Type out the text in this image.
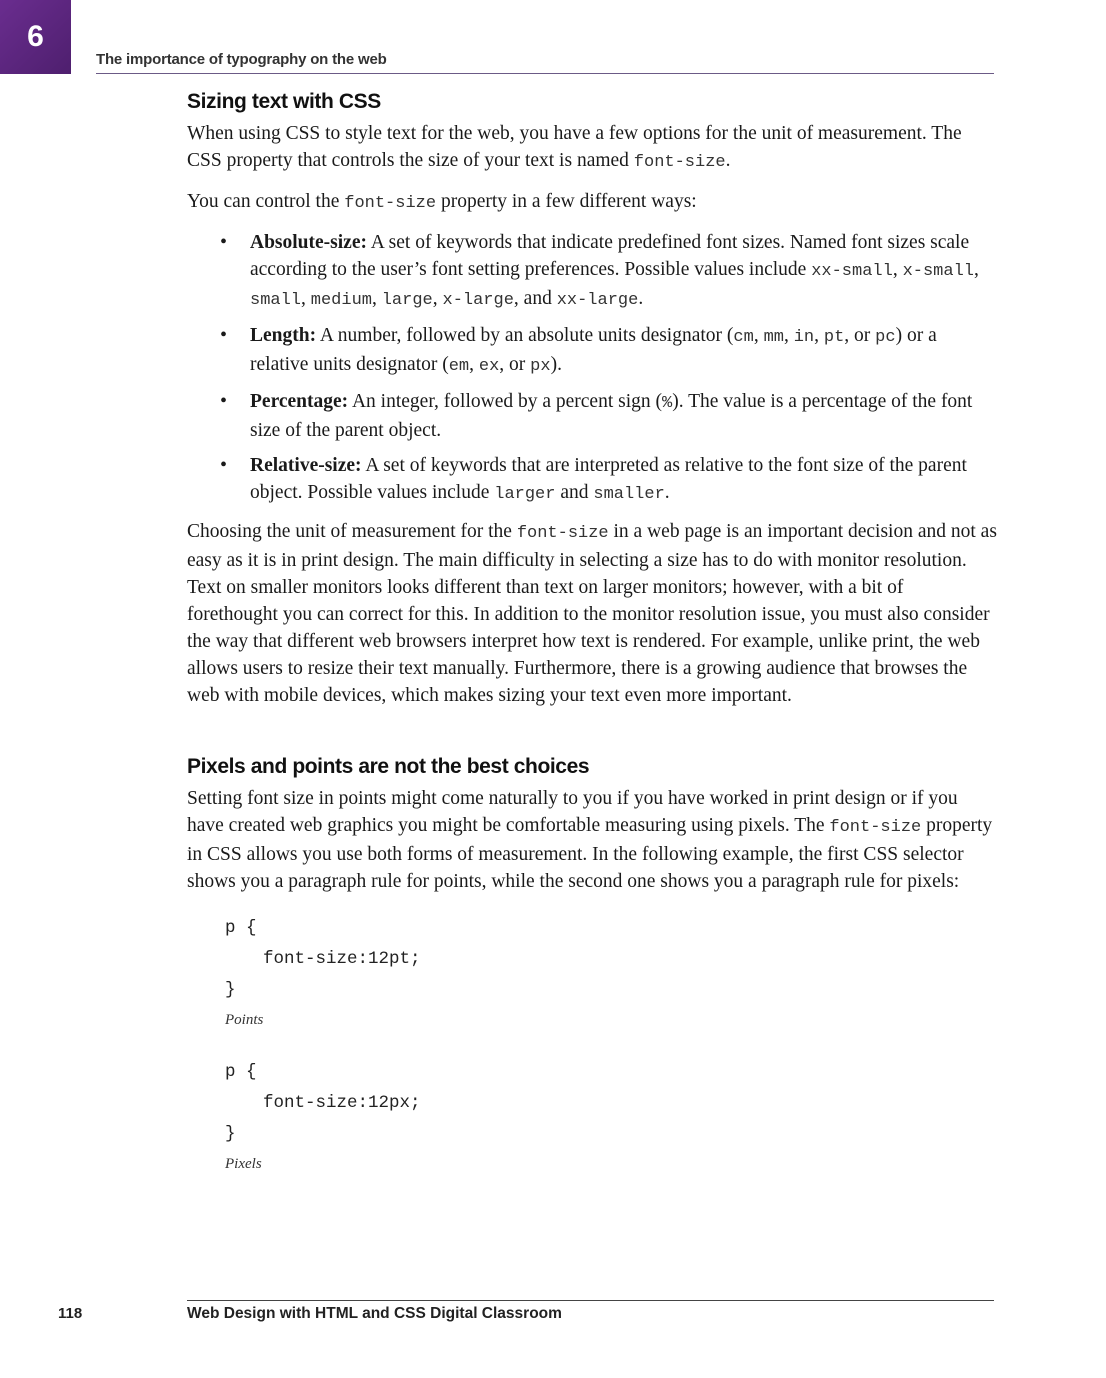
6
The importance of typography on the web
Sizing text with CSS

When using CSS to style text for the web, you have a few options for the unit of measurement. The CSS property that controls the size of your text is named font-size.

You can control the font-size property in a few different ways:

• Absolute-size: A set of keywords that indicate predefined font sizes. Named font sizes scale according to the user’s font setting preferences. Possible values include xx-small, x-small, small, medium, large, x-large, and xx-large.
• Length: A number, followed by an absolute units designator (cm, mm, in, pt, or pc) or a relative units designator (em, ex, or px).
• Percentage: An integer, followed by a percent sign (%). The value is a percentage of the font size of the parent object.
• Relative-size: A set of keywords that are interpreted as relative to the font size of the parent object. Possible values include larger and smaller.

Choosing the unit of measurement for the font-size in a web page is an important decision and not as easy as it is in print design. The main difficulty in selecting a size has to do with monitor resolution. Text on smaller monitors looks different than text on larger monitors; however, with a bit of forethought you can correct for this. In addition to the monitor resolution issue, you must also consider the way that different web browsers interpret how text is rendered. For example, unlike print, the web allows users to resize their text manually. Furthermore, there is a growing audience that browses the web with mobile devices, which makes sizing your text even more important.

Pixels and points are not the best choices

Setting font size in points might come naturally to you if you have worked in print design or if you have created web graphics you might be comfortable measuring using pixels. The font-size property in CSS allows you use both forms of measurement. In the following example, the first CSS selector shows you a paragraph rule for points, while the second one shows you a paragraph rule for pixels:

p {
font-size:12pt;
}
Points
p {
font-size:12px;
}
Pixels
118	Web Design with HTML and CSS Digital Classroom
